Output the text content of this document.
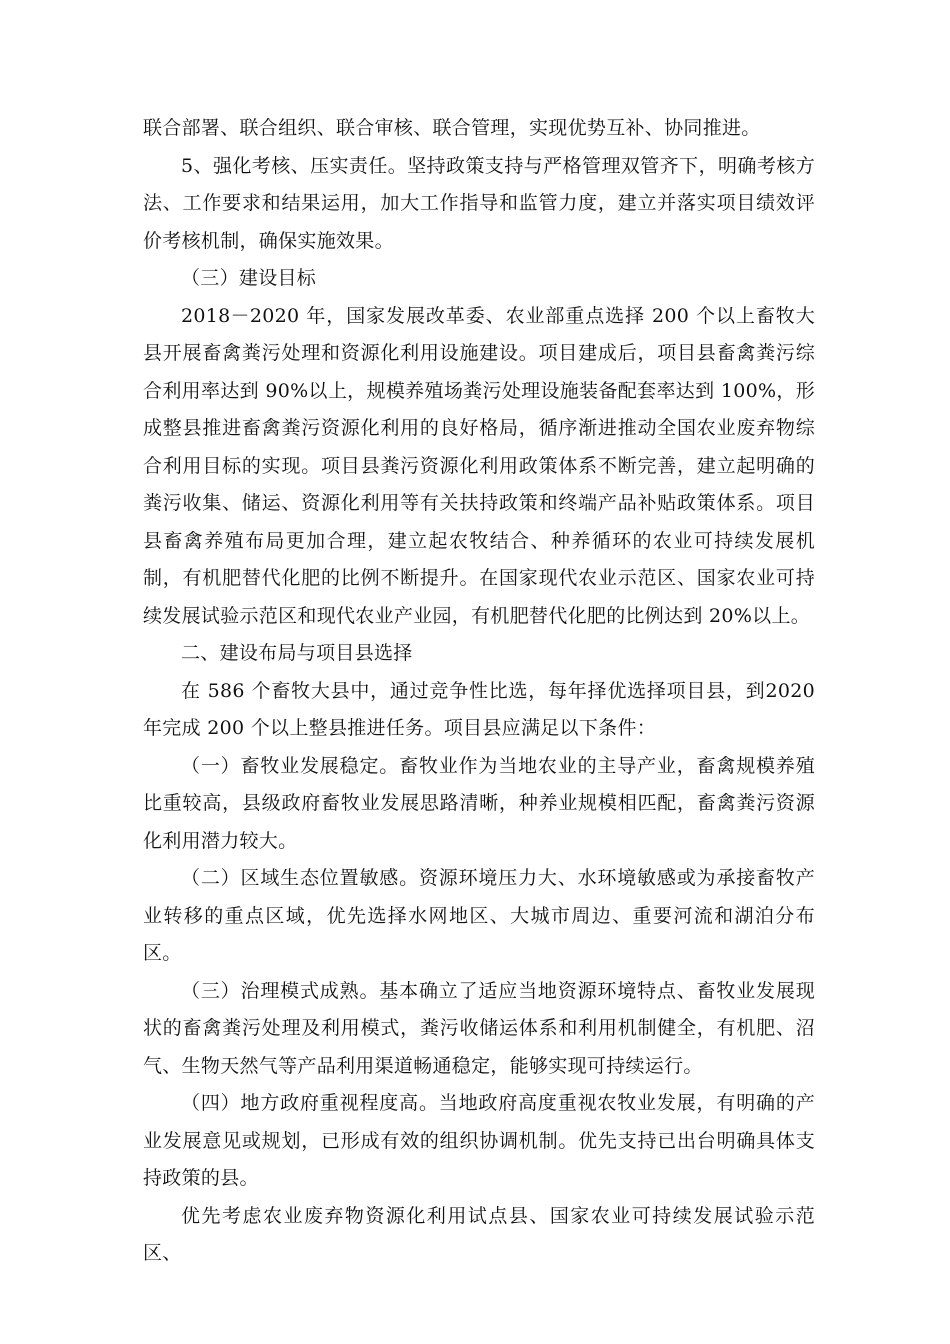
联合部署、联合组织、联合审核、联合管理，实现优势互补、协同推进。

5、强化考核、压实责任。坚持政策支持与严格管理双管齐下，明确考核方法、工作要求和结果运用，加大工作指导和监管力度，建立并落实项目绩效评价考核机制，确保实施效果。

（三）建设目标

2018－2020 年，国家发展改革委、农业部重点选择 200 个以上畜牧大县开展畜禽粪污处理和资源化利用设施建设。项目建成后，项目县畜禽粪污综合利用率达到 90%以上，规模养殖场粪污处理设施装备配套率达到 100%，形成整县推进畜禽粪污资源化利用的良好格局，循序渐进推动全国农业废弃物综合利用目标的实现。项目县粪污资源化利用政策体系不断完善，建立起明确的粪污收集、储运、资源化利用等有关扶持政策和终端产品补贴政策体系。项目县畜禽养殖布局更加合理，建立起农牧结合、种养循环的农业可持续发展机制，有机肥替代化肥的比例不断提升。在国家现代农业示范区、国家农业可持续发展试验示范区和现代农业产业园，有机肥替代化肥的比例达到 20%以上。

二、建设布局与项目县选择

在 586 个畜牧大县中，通过竞争性比选，每年择优选择项目县，到2020 年完成 200 个以上整县推进任务。项目县应满足以下条件：

（一）畜牧业发展稳定。畜牧业作为当地农业的主导产业，畜禽规模养殖比重较高，县级政府畜牧业发展思路清晰，种养业规模相匹配，畜禽粪污资源化利用潜力较大。

（二）区域生态位置敏感。资源环境压力大、水环境敏感或为承接畜牧产业转移的重点区域，优先选择水网地区、大城市周边、重要河流和湖泊分布区。

（三）治理模式成熟。基本确立了适应当地资源环境特点、畜牧业发展现状的畜禽粪污处理及利用模式，粪污收储运体系和利用机制健全，有机肥、沼气、生物天然气等产品利用渠道畅通稳定，能够实现可持续运行。

（四）地方政府重视程度高。当地政府高度重视农牧业发展，有明确的产业发展意见或规划，已形成有效的组织协调机制。优先支持已出台明确具体支持政策的县。

优先考虑农业废弃物资源化利用试点县、国家农业可持续发展试验示范区、
